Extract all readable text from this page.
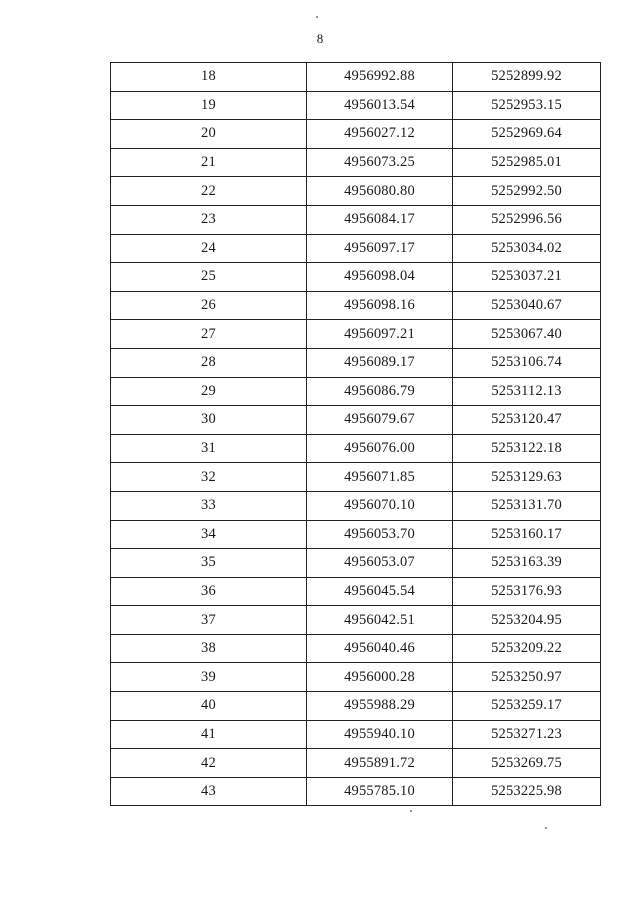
8
18	4956992.88	5252899.92
19	4956013.54	5252953.15
20	4956027.12	5252969.64
21	4956073.25	5252985.01
22	4956080.80	5252992.50
23	4956084.17	5252996.56
24	4956097.17	5253034.02
25	4956098.04	5253037.21
26	4956098.16	5253040.67
27	4956097.21	5253067.40
28	4956089.17	5253106.74
29	4956086.79	5253112.13
30	4956079.67	5253120.47
31	4956076.00	5253122.18
32	4956071.85	5253129.63
33	4956070.10	5253131.70
34	4956053.70	5253160.17
35	4956053.07	5253163.39
36	4956045.54	5253176.93
37	4956042.51	5253204.95
38	4956040.46	5253209.22
39	4956000.28	5253250.97
40	4955988.29	5253259.17
41	4955940.10	5253271.23
42	4955891.72	5253269.75
43	4955785.10	5253225.98
